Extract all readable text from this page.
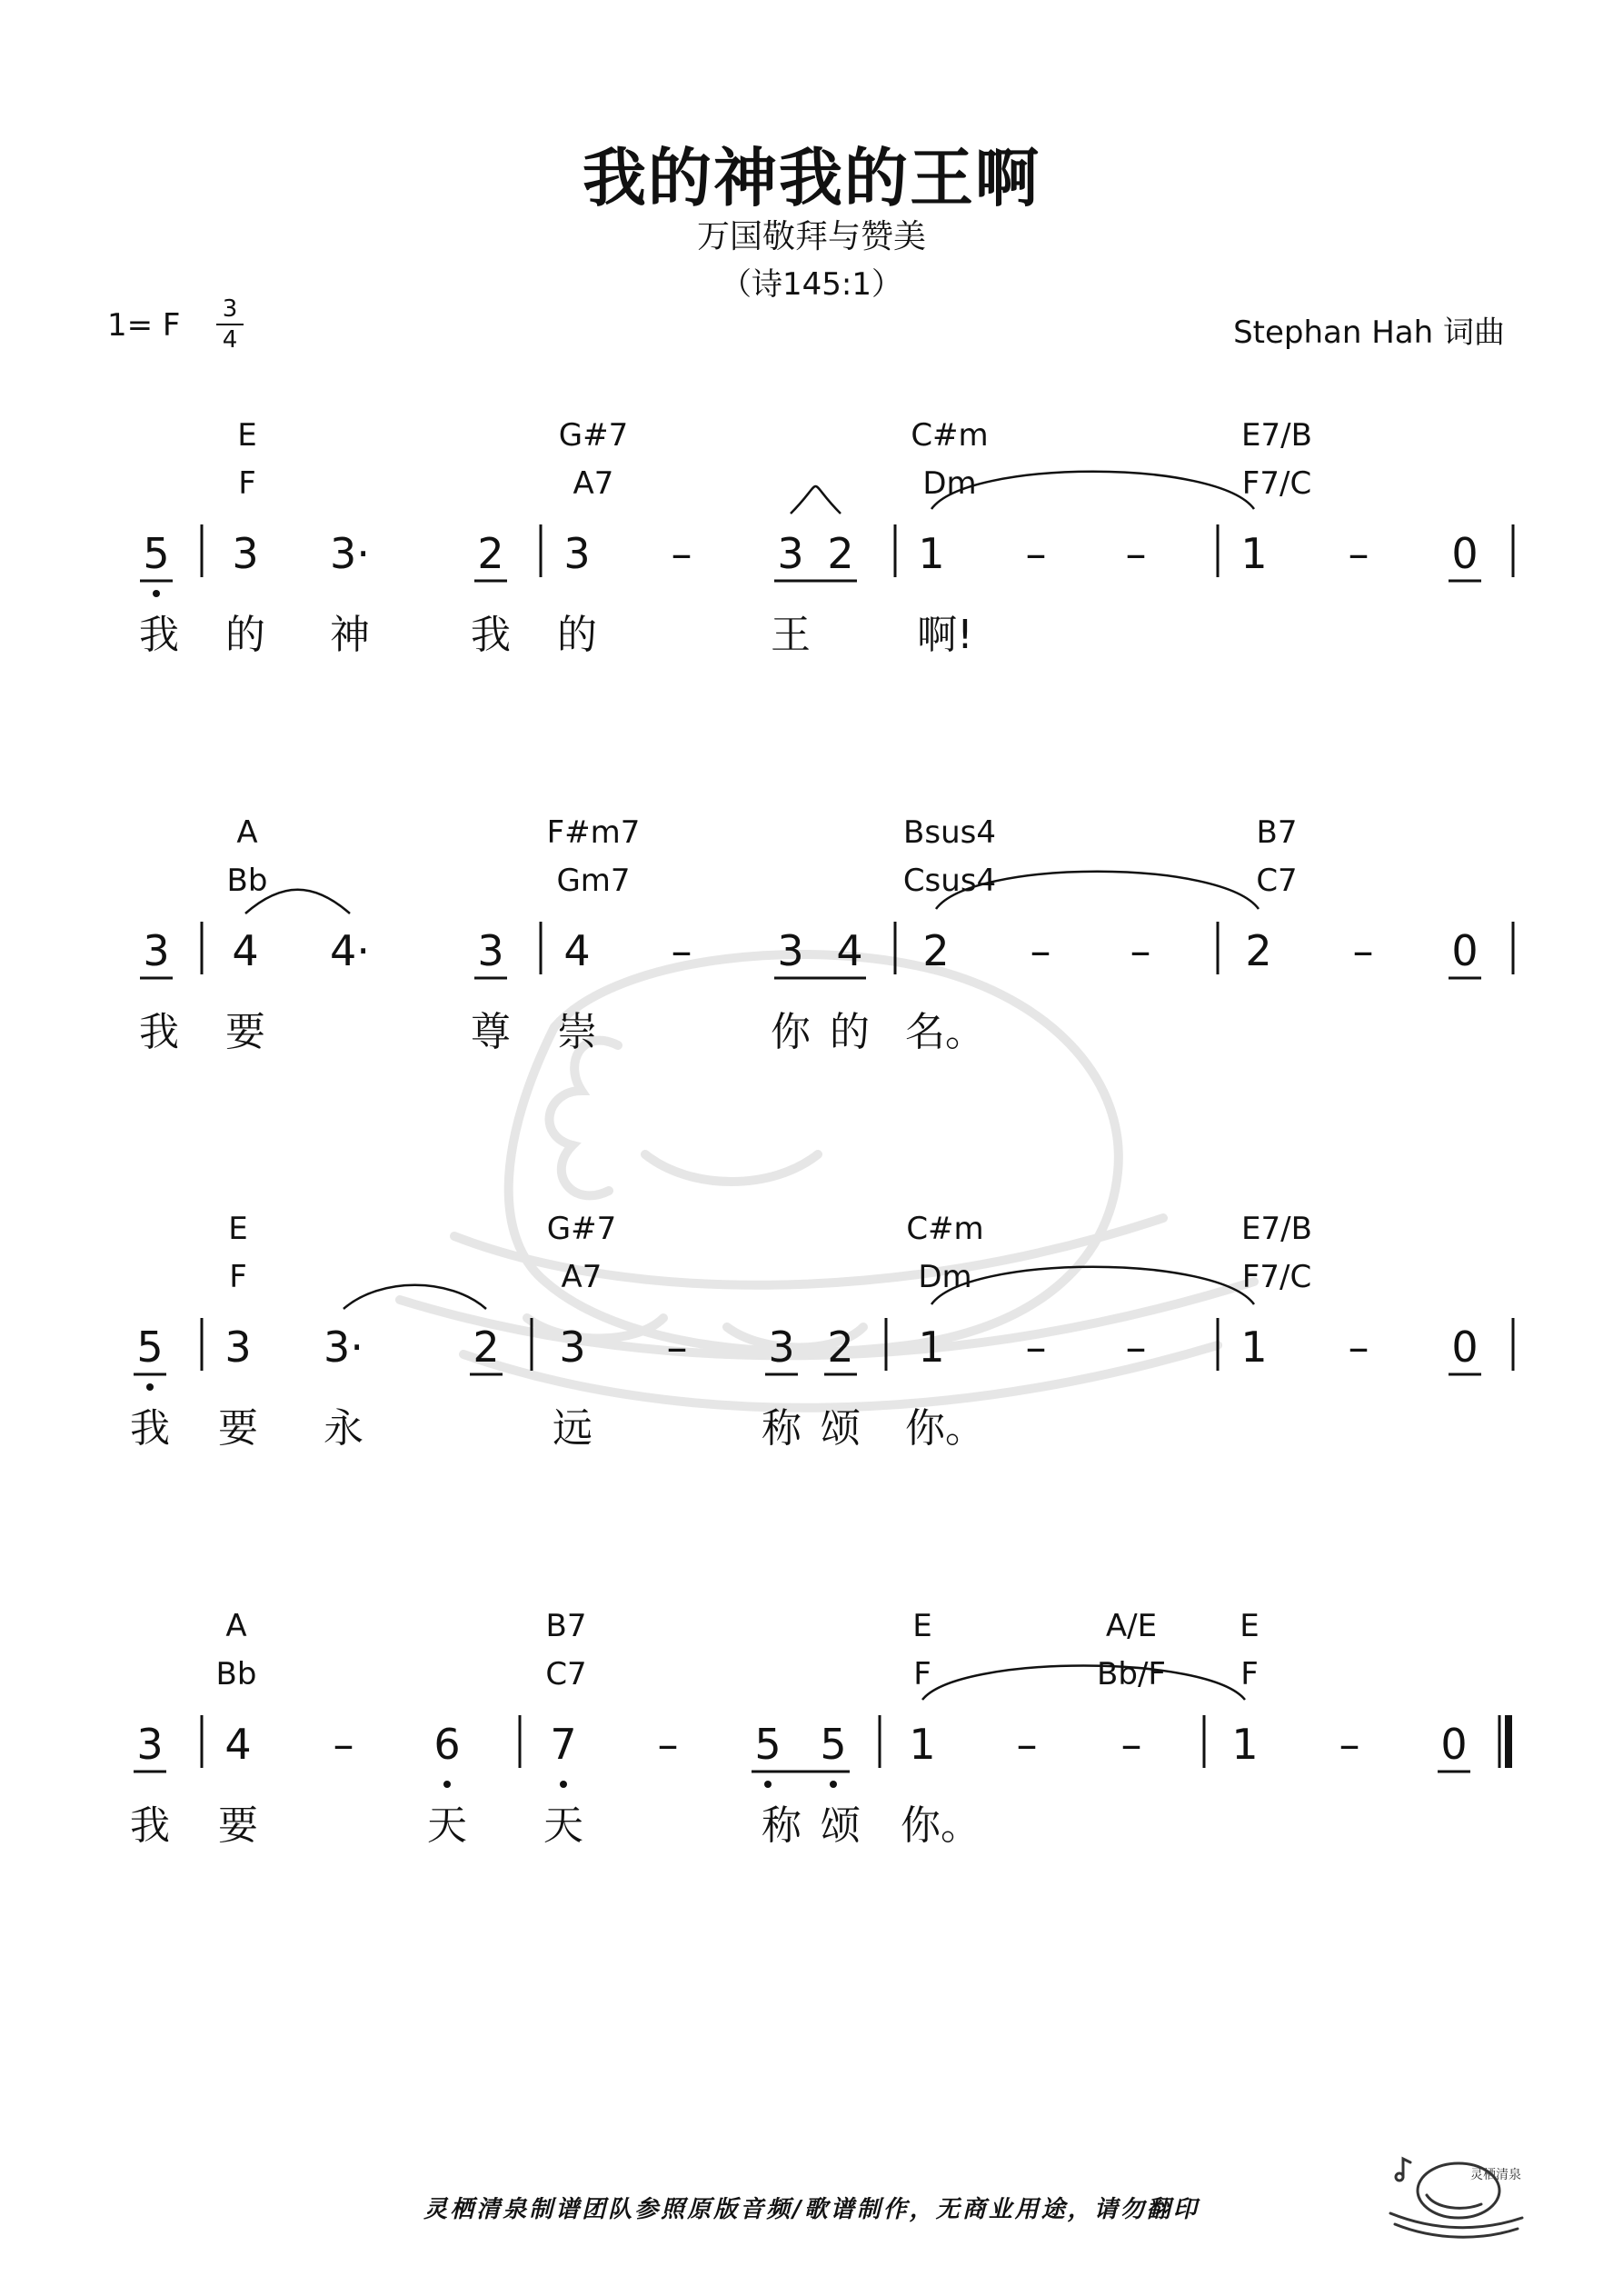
我的神我的王啊
万国敬拜与赞美
（诗145:1）
1= F 3
4	Stephan Hah 词曲
E	G#7	C#m	E7/B
F	A7	Dm	F7/C
5 3 3·	2 3 – 3 2 1 – – 1 – 0
我 的 神	我 的	王	啊!
A	F#m7	Bsus4	B7
Bb	Gm7	Csus4	C7
3 4 4·	3 4 – 3 4 2 – – 2 – 0
我 要	尊 崇	你 的 名。
E	G#7	C#m	E7/B
F	A7	Dm	F7/C
5 3 3·	2 3 – 3 2 1 – – 1 – 0
我 要 永	远	称 颂 你。
A	B7	E	A/E	E
Bb	C7	F	Bb/F F
3 4 – 6 7 – 5 5 1 – – 1 – 0
我 要	天 天	称 颂 你。
灵栖清泉制谱团队参照原版音频/歌谱制作，无商业用途，请勿翻印
灵栖清泉
